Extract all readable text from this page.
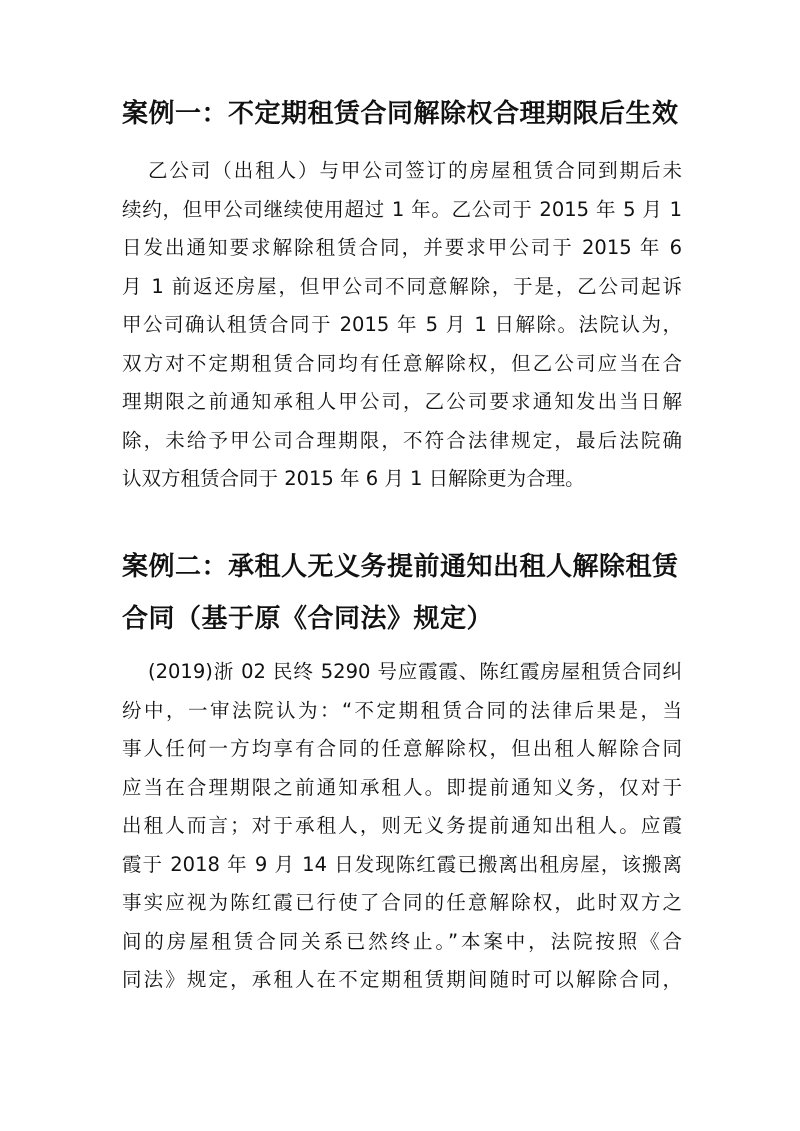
案例一：不定期租赁合同解除权合理期限后生效
乙公司（出租人）与甲公司签订的房屋租赁合同到期后未
续约，但甲公司继续使用超过 1 年。乙公司于 2015 年 5 月 1
日发出通知要求解除租赁合同，并要求甲公司于 2015 年 6
月 1 前返还房屋，但甲公司不同意解除，于是，乙公司起诉
甲公司确认租赁合同于 2015 年 5 月 1 日解除。法院认为，
双方对不定期租赁合同均有任意解除权，但乙公司应当在合
理期限之前通知承租人甲公司，乙公司要求通知发出当日解
除，未给予甲公司合理期限，不符合法律规定，最后法院确
认双方租赁合同于 2015 年 6 月 1 日解除更为合理。
案例二：承租人无义务提前通知出租人解除租赁
合同（基于原《合同法》规定）
(2019)浙 02 民终 5290 号应霞霞、陈红霞房屋租赁合同纠
纷中，一审法院认为：“不定期租赁合同的法律后果是，当
事人任何一方均享有合同的任意解除权，但出租人解除合同
应当在合理期限之前通知承租人。即提前通知义务，仅对于
出租人而言；对于承租人，则无义务提前通知出租人。应霞
霞于 2018 年 9 月 14 日发现陈红霞已搬离出租房屋，该搬离
事实应视为陈红霞已行使了合同的任意解除权，此时双方之
间的房屋租赁合同关系已然终止。”本案中，法院按照《合
同法》规定，承租人在不定期租赁期间随时可以解除合同，
